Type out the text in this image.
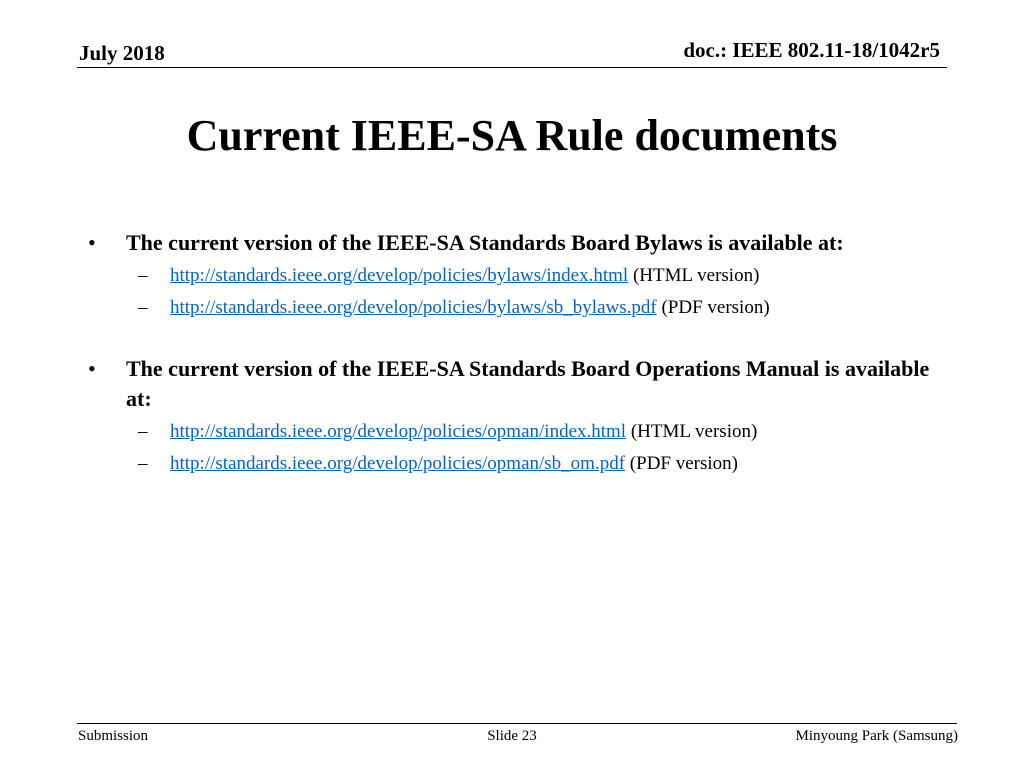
July 2018	doc.: IEEE 802.11-18/1042r5
Current IEEE-SA Rule documents
•	The current version of the IEEE-SA Standards Board Bylaws is available at:
–	http://standards.ieee.org/develop/policies/bylaws/index.html (HTML version)
–	http://standards.ieee.org/develop/policies/bylaws/sb_bylaws.pdf (PDF version)
•	The current version of the IEEE-SA Standards Board Operations Manual is available at:
–	http://standards.ieee.org/develop/policies/opman/index.html (HTML version)
–	http://standards.ieee.org/develop/policies/opman/sb_om.pdf (PDF version)
Submission	Slide 23	Minyoung Park (Samsung)
